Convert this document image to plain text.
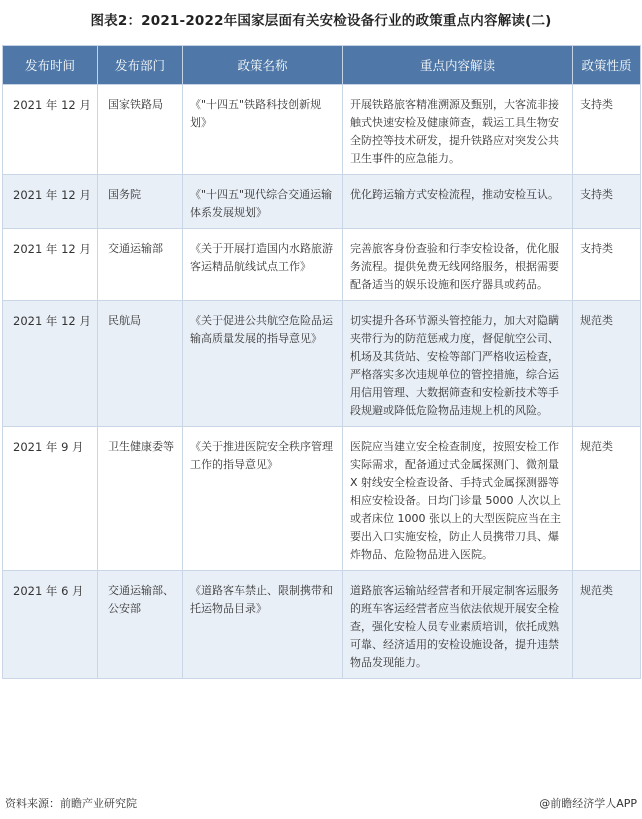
图表2：2021-2022年国家层面有关安检设备行业的政策重点内容解读(二)
发布时间	发布部门	政策名称	重点内容解读	政策性质
2021 年 12 月	国家铁路局	《"十四五"铁路科技创新规划》	开展铁路旅客精准溯源及甄别，大客流非接触式快速安检及健康筛查，载运工具生物安全防控等技术研发，提升铁路应对突发公共卫生事件的应急能力。	支持类
2021 年 12 月	国务院	《"十四五"现代综合交通运输体系发展规划》	优化跨运输方式安检流程，推动安检互认。	支持类
2021 年 12 月	交通运输部	《关于开展打造国内水路旅游客运精品航线试点工作》	完善旅客身份查验和行李安检设备，优化服务流程。提供免费无线网络服务，根据需要配备适当的娱乐设施和医疗器具或药品。	支持类
2021 年 12 月	民航局	《关于促进公共航空危险品运输高质量发展的指导意见》	切实提升各环节源头管控能力，加大对隐瞒夹带行为的防范惩戒力度，督促航空公司、机场及其货站、安检等部门严格收运检查，严格落实多次违规单位的管控措施，综合运用信用管理、大数据筛查和安检新技术等手段规避或降低危险物品违规上机的风险。	规范类
2021 年 9 月	卫生健康委等	《关于推进医院安全秩序管理工作的指导意见》	医院应当建立安全检查制度，按照安检工作实际需求，配备通过式金属探测门、微剂量 X 射线安全检查设备、手持式金属探测器等相应安检设备。日均门诊量 5000 人次以上或者床位 1000 张以上的大型医院应当在主要出入口实施安检，防止人员携带刀具、爆炸物品、危险物品进入医院。	规范类
2021 年 6 月	交通运输部、公安部	《道路客车禁止、限制携带和托运物品目录》	道路旅客运输站经营者和开展定制客运服务的班车客运经营者应当依法依规开展安全检查，强化安检人员专业素质培训，依托成熟可靠、经济适用的安检设施设备，提升违禁物品发现能力。	规范类
资料来源：前瞻产业研究院	@前瞻经济学人APP
